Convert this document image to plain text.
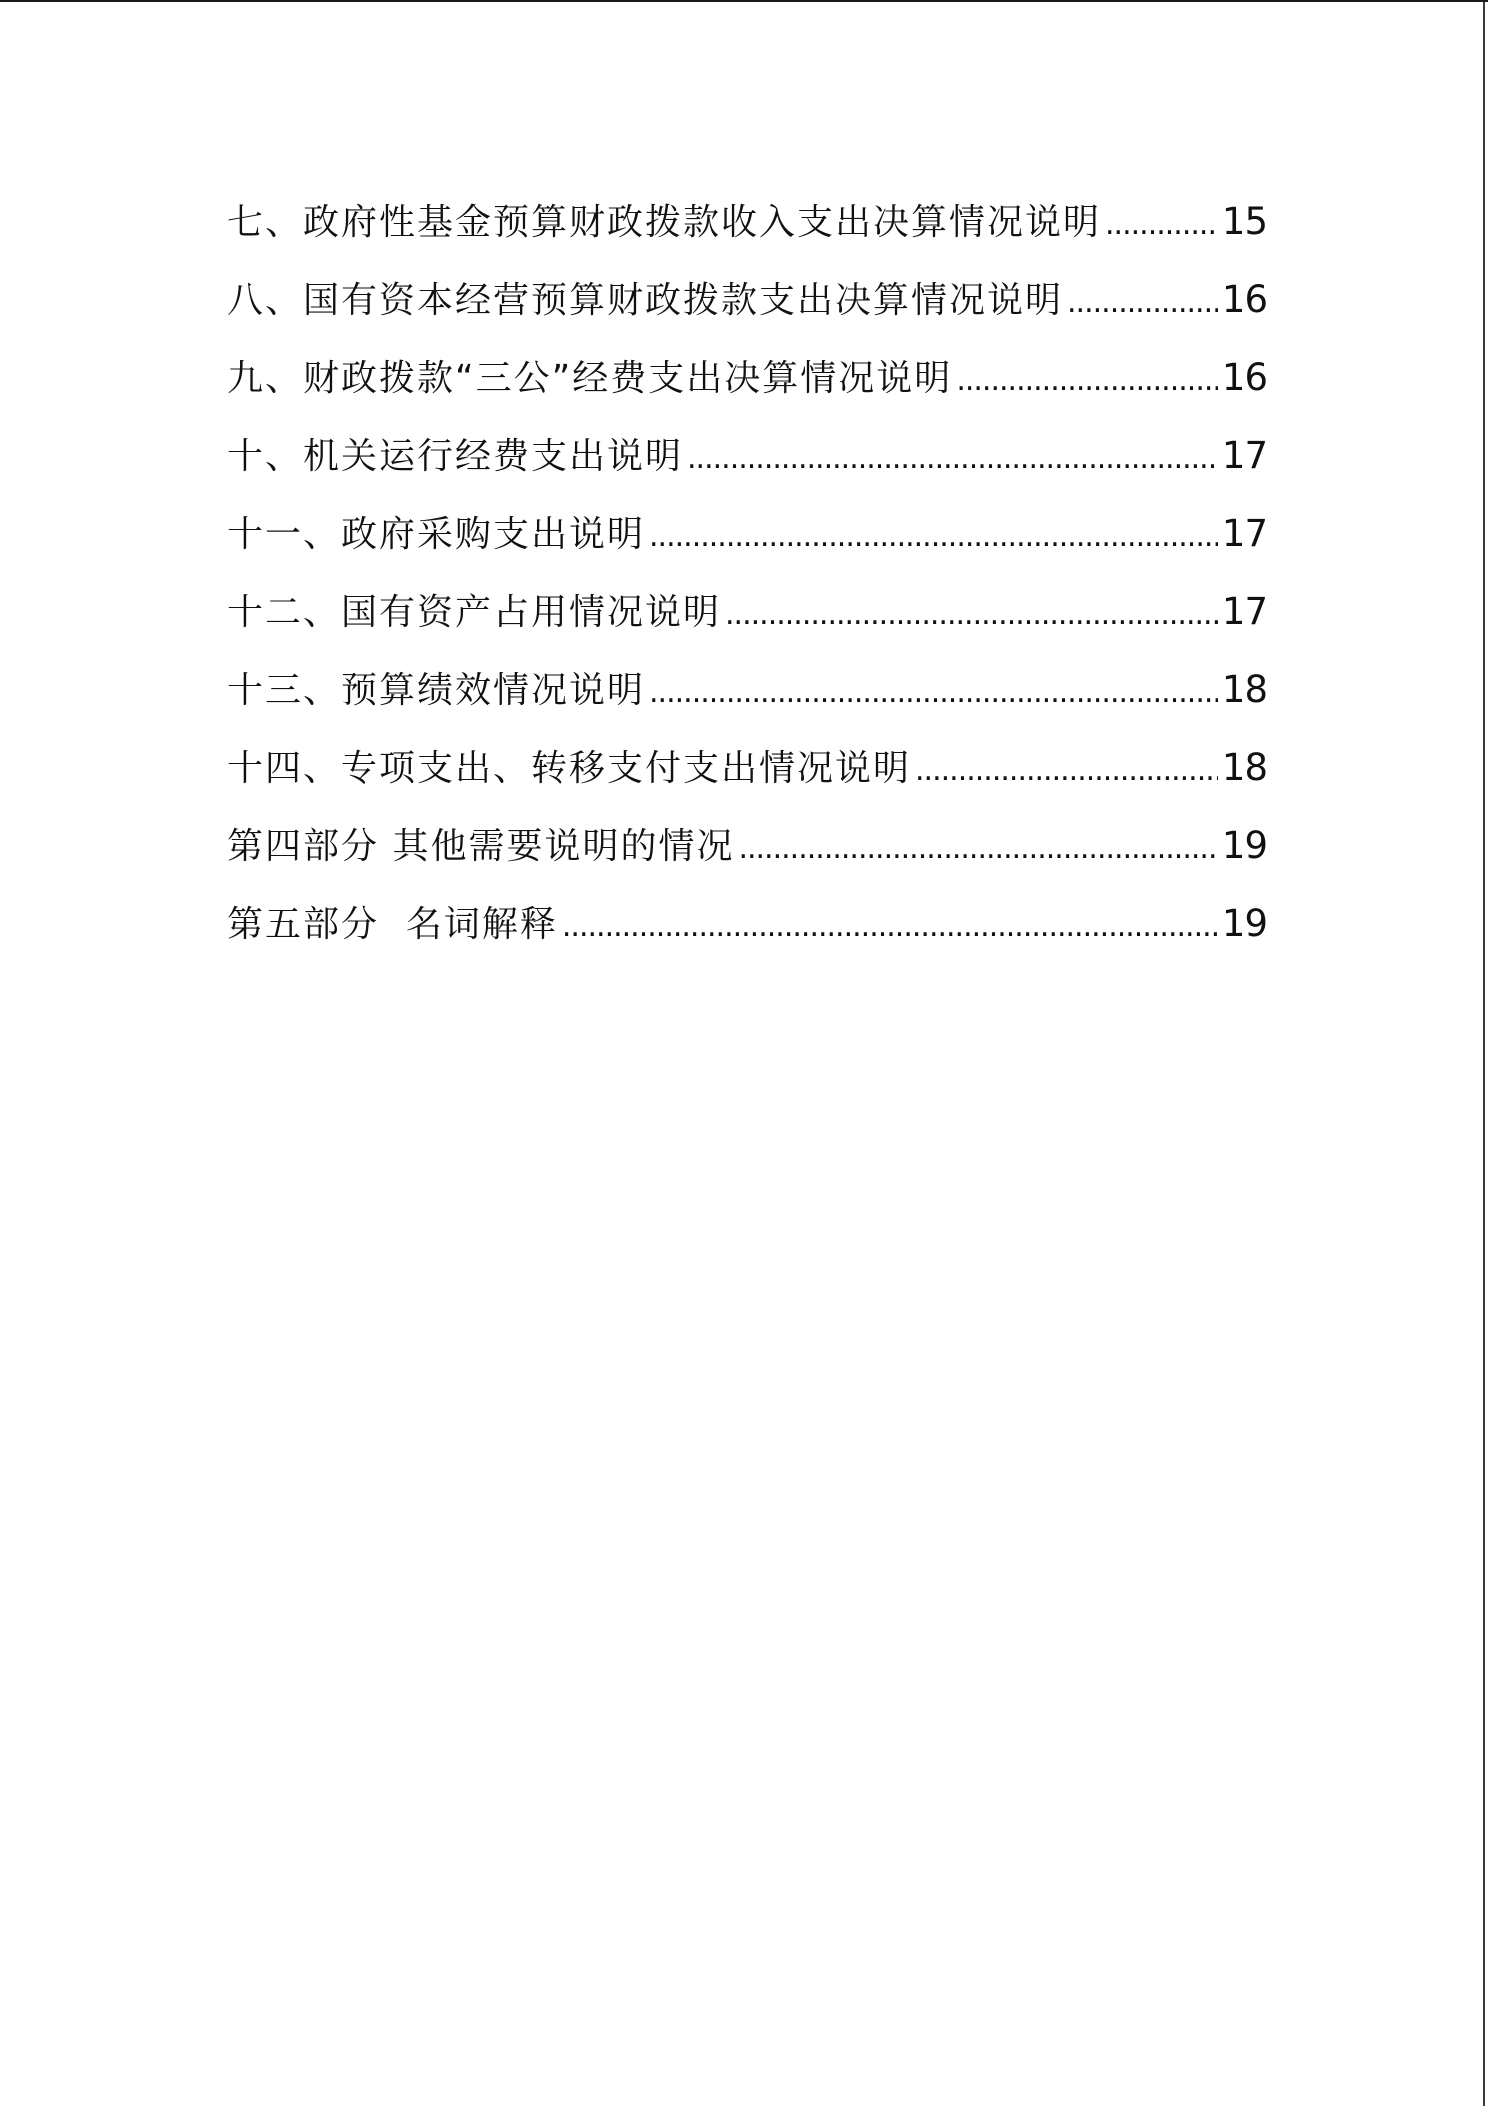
七、政府性基金预算财政拨款收入支出决算情况说明 .....	15
八、国有资本经营预算财政拨款支出决算情况说明 .....	16
九、财政拨款“三公”经费支出决算情况说明 .....	16
十、机关运行经费支出说明 .....	17
十一、政府采购支出说明 .....	17
十二、国有资产占用情况说明 .....	17
十三、预算绩效情况说明 .....	18
十四、专项支出、转移支付支出情况说明 .....	18
第四部分 其他需要说明的情况 .....	19
第五部分  名词解释 .....	19
